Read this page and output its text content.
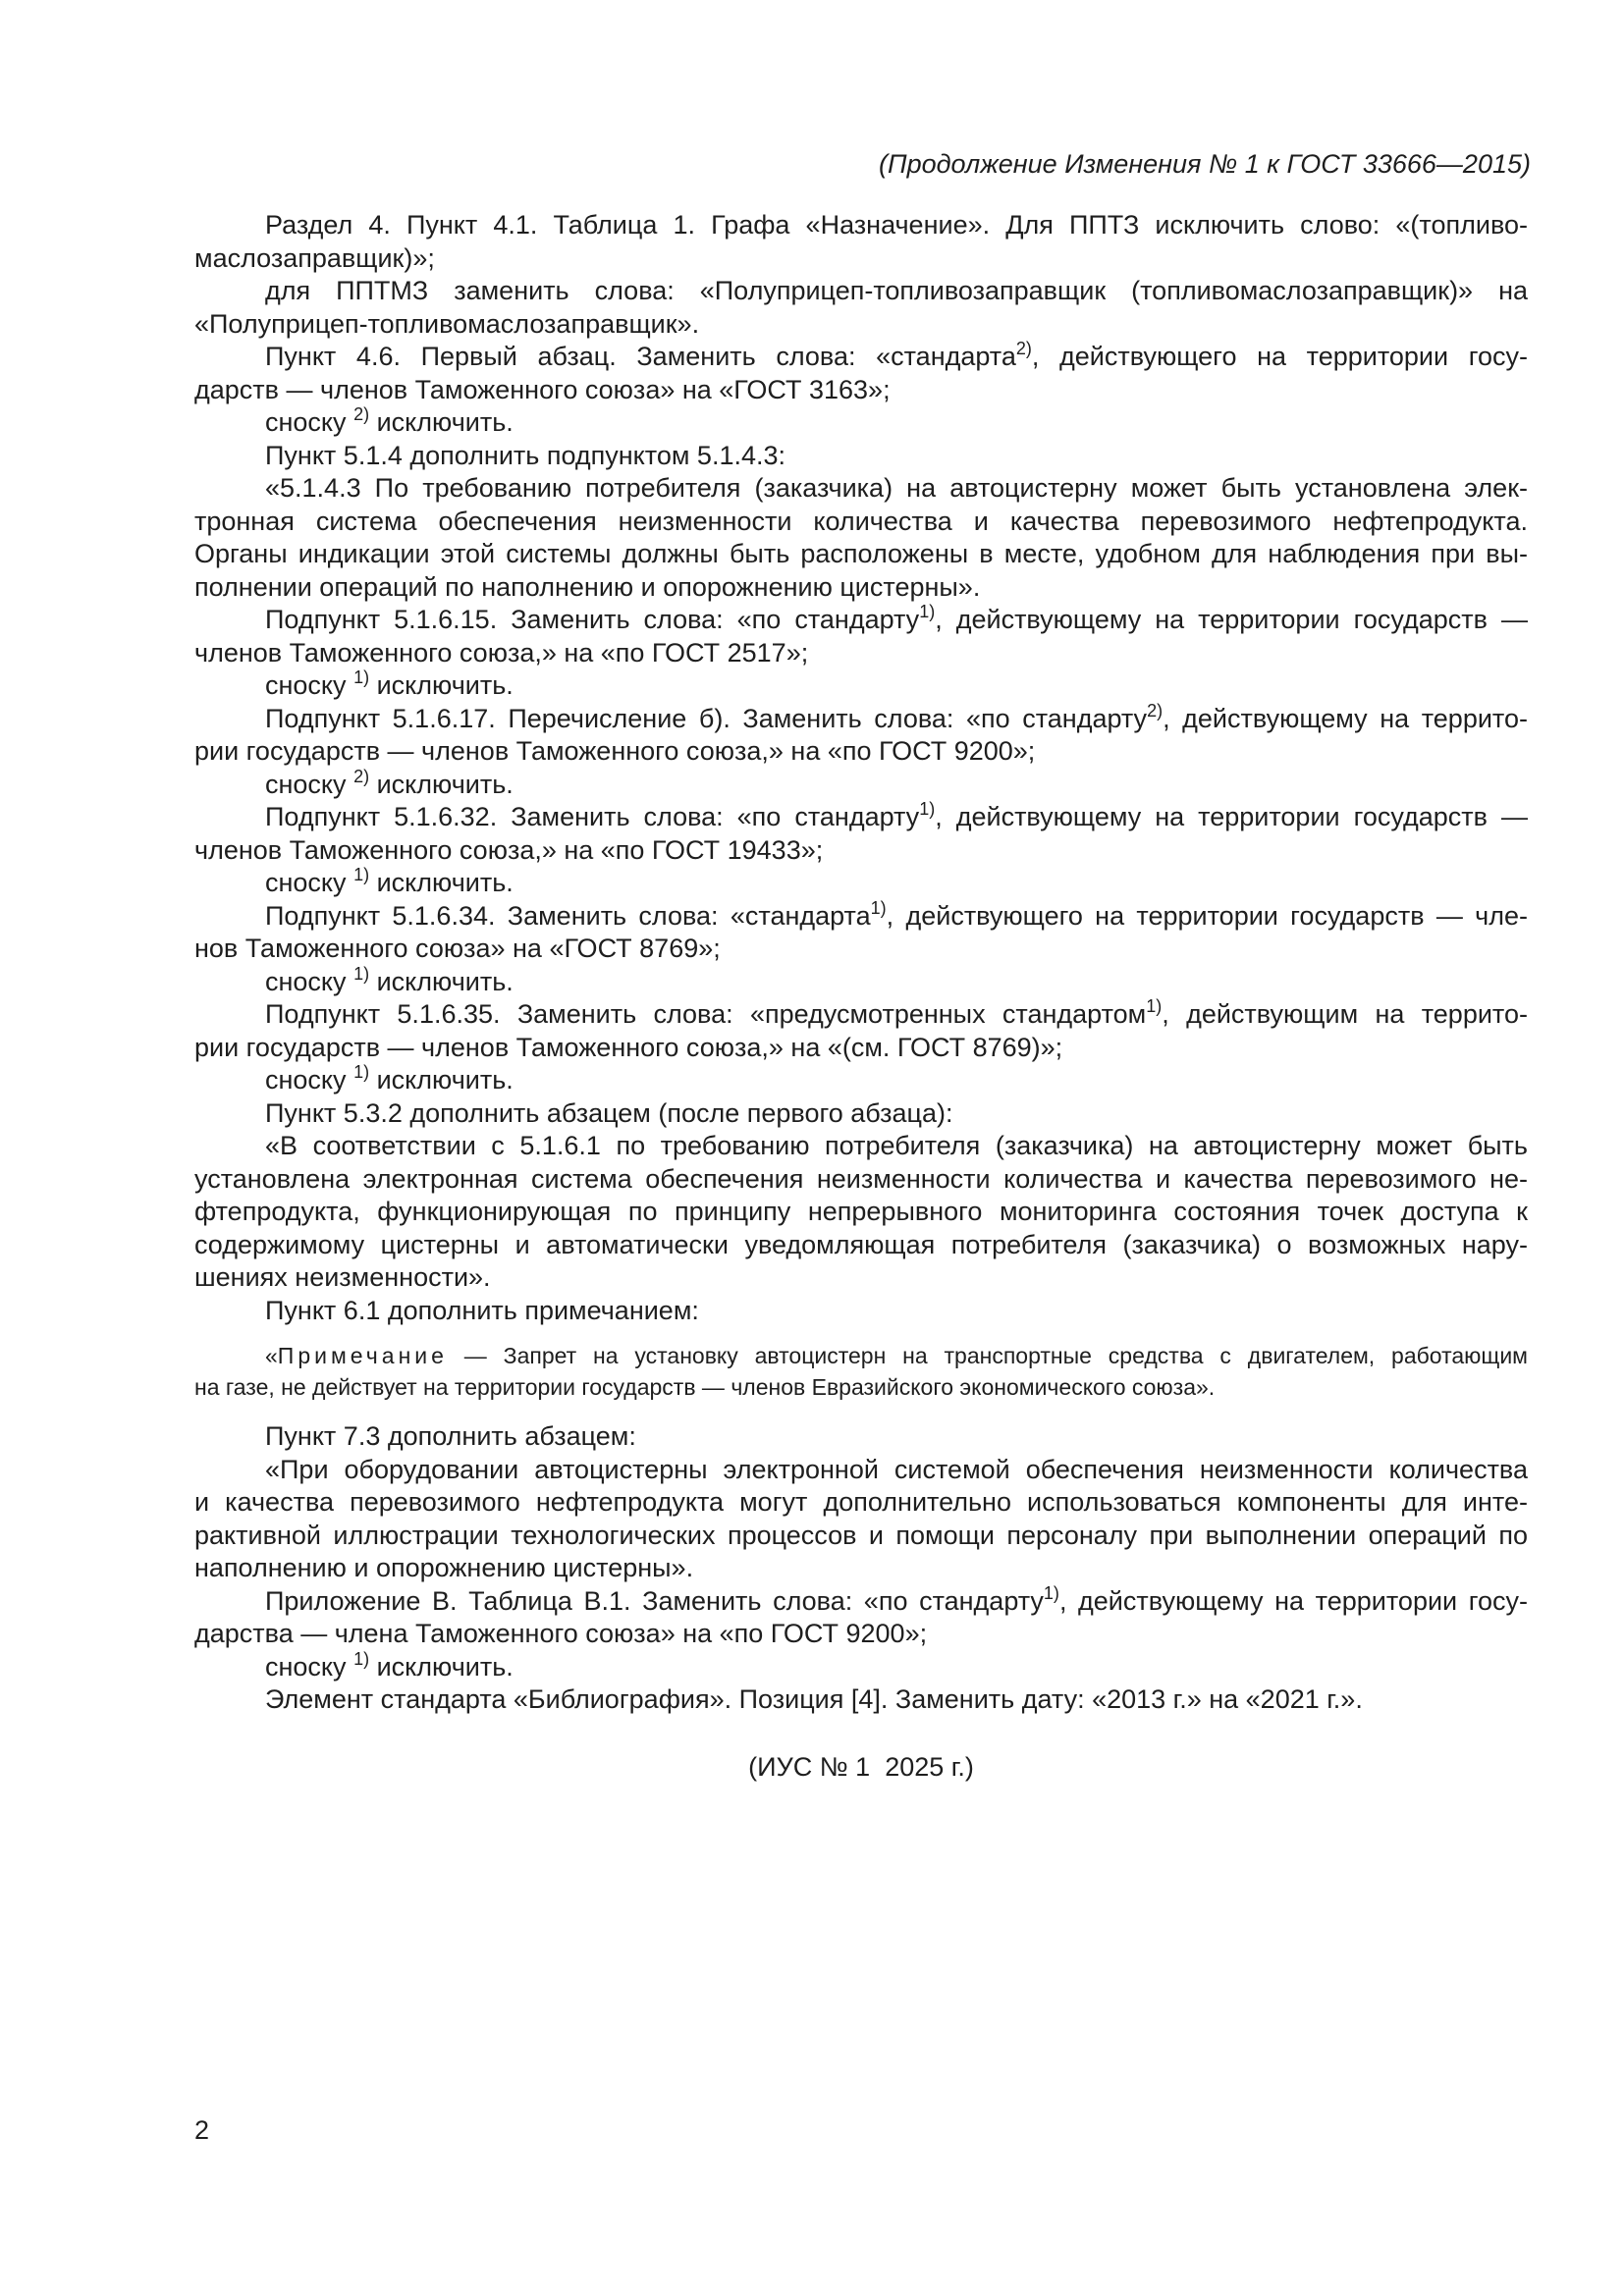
(Продолжение Изменения № 1 к ГОСТ 33666—2015)

Раздел 4. Пункт 4.1. Таблица 1. Графа «Назначение». Для ППТЗ исключить слово: «(топливо-

маслозаправщик)»;

для ППТМЗ заменить слова: «Полуприцеп-топливозаправщик (топливомаслозаправщик)» на

«Полуприцеп-топливомаслозаправщик».

Пункт 4.6. Первый абзац. Заменить слова: «стандарта$^{2)}$, действующего на территории госу-

дарств — членов Таможенного союза» на «ГОСТ 3163»;

сноску $^{2)}$ исключить.

Пункт 5.1.4 дополнить подпунктом 5.1.4.3:

«5.1.4.3 По требованию потребителя (заказчика) на автоцистерну может быть установлена элек-

тронная система обеспечения неизменности количества и качества перевозимого нефтепродукта.

Органы индикации этой системы должны быть расположены в месте, удобном для наблюдения при вы-

полнении операций по наполнению и опорожнению цистерны».

Подпункт 5.1.6.15. Заменить слова: «по стандарту$^{1)}$, действующему на территории государств —

членов Таможенного союза,» на «по ГОСТ 2517»;

сноску $^{1)}$ исключить.

Подпункт 5.1.6.17. Перечисление б). Заменить слова: «по стандарту$^{2)}$, действующему на террито-

рии государств — членов Таможенного союза,» на «по ГОСТ 9200»;

сноску $^{2)}$ исключить.

Подпункт 5.1.6.32. Заменить слова: «по стандарту$^{1)}$, действующему на территории государств —

членов Таможенного союза,» на «по ГОСТ 19433»;

сноску $^{1)}$ исключить.

Подпункт 5.1.6.34. Заменить слова: «стандарта$^{1)}$, действующего на территории государств — чле-

нов Таможенного союза» на «ГОСТ 8769»;

сноску $^{1)}$ исключить.

Подпункт 5.1.6.35. Заменить слова: «предусмотренных стандартом$^{1)}$, действующим на террито-

рии государств — членов Таможенного союза,» на «(см. ГОСТ 8769)»;

сноску $^{1)}$ исключить.

Пункт 5.3.2 дополнить абзацем (после первого абзаца):

«В соответствии с 5.1.6.1 по требованию потребителя (заказчика) на автоцистерну может быть

установлена электронная система обеспечения неизменности количества и качества перевозимого не-

фтепродукта, функционирующая по принципу непрерывного мониторинга состояния точек доступа к

содержимому цистерны и автоматически уведомляющая потребителя (заказчика) о возможных нару-

шениях неизменности».

Пункт 6.1 дополнить примечанием:

«Примечание — Запрет на установку автоцистерн на транспортные средства с двигателем, работающим

на газе, не действует на территории государств — членов Евразийского экономического союза».

Пункт 7.3 дополнить абзацем:

«При оборудовании автоцистерны электронной системой обеспечения неизменности количества

и качества перевозимого нефтепродукта могут дополнительно использоваться компоненты для инте-

рактивной иллюстрации технологических процессов и помощи персоналу при выполнении операций по

наполнению и опорожнению цистерны».

Приложение В. Таблица В.1. Заменить слова: «по стандарту$^{1)}$, действующему на территории госу-

дарства — члена Таможенного союза» на «по ГОСТ 9200»;

сноску $^{1)}$ исключить.

Элемент стандарта «Библиография». Позиция [4]. Заменить дату: «2013 г.» на «2021 г.».

(ИУС № 1  2025 г.)

2
